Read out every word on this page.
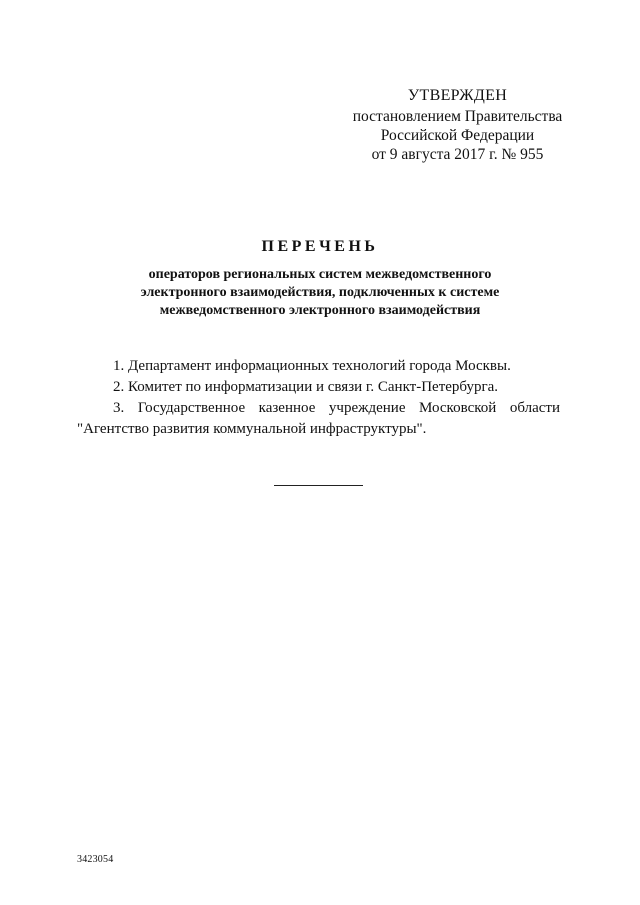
УТВЕРЖДЕН
постановлением Правительства
Российской Федерации
от 9 августа 2017 г. № 955
ПЕРЕЧЕНЬ
операторов региональных систем межведомственного
электронного взаимодействия, подключенных к системе
межведомственного электронного взаимодействия

1. Департамент информационных технологий города Москвы.

2. Комитет по информатизации и связи г. Санкт-Петербурга.

3. Государственное казенное учреждение Московской области "Агентство развития коммунальной инфраструктуры".

3423054
